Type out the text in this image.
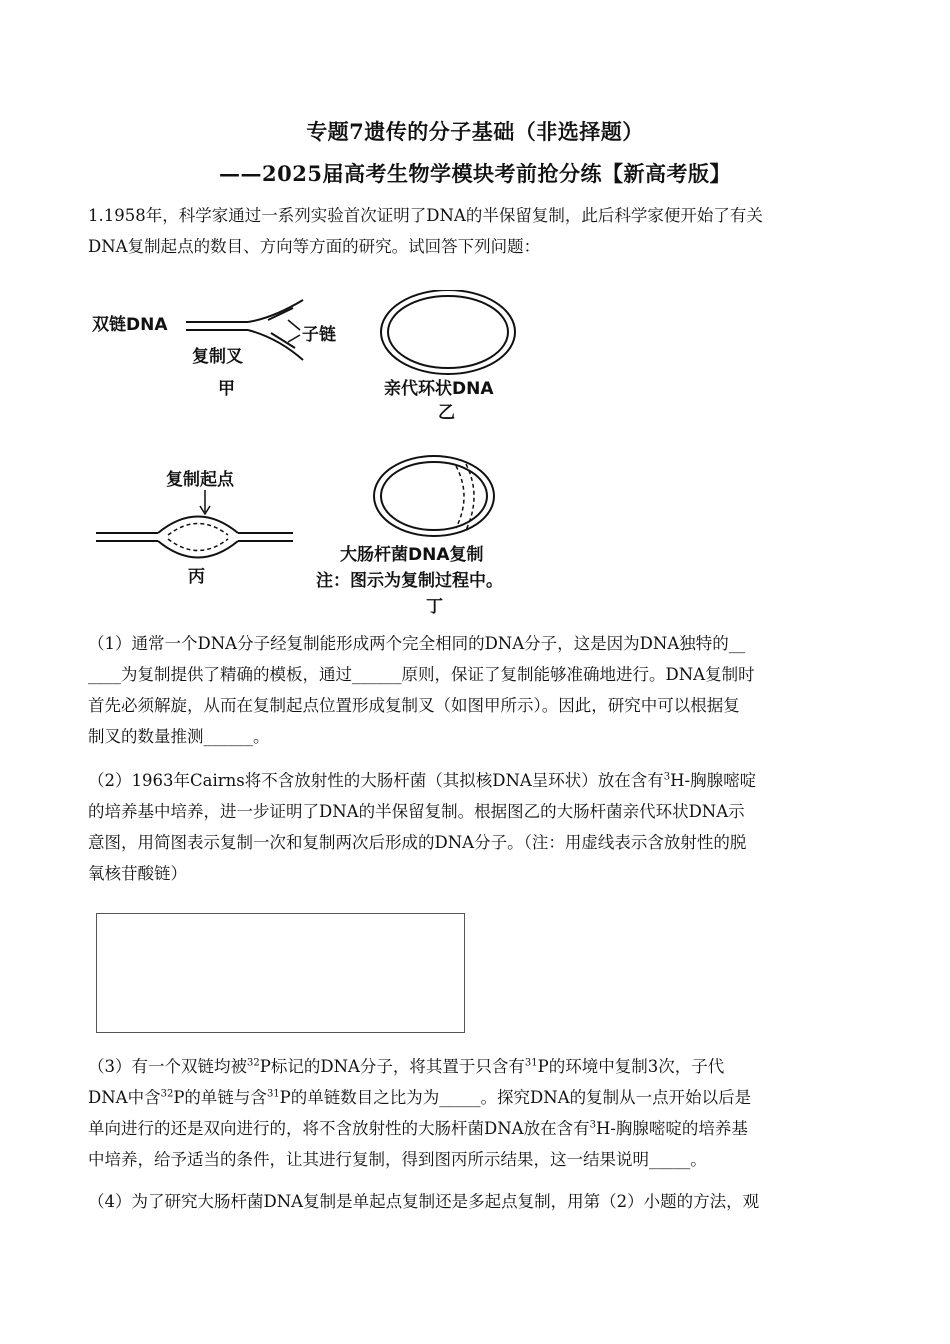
专题7遗传的分子基础（非选择题）
——2025届高考生物学模块考前抢分练【新高考版】
1.1958年，科学家通过一系列实验首次证明了DNA的半保留复制，此后科学家便开始了有关
DNA复制起点的数目、方向等方面的研究。试回答下列问题：
双链DNA	子链
复制叉
甲	亲代环状DNA
乙
复制起点
丙
大肠杆菌DNA复制
注：图示为复制过程中。
丁
（1）通常一个DNA分子经复制能形成两个完全相同的DNA分子，这是因为DNA独特的__
____为复制提供了精确的模板，通过______原则，保证了复制能够准确地进行。DNA复制时
首先必须解旋，从而在复制起点位置形成复制叉（如图甲所示）。因此，研究中可以根据复
制叉的数量推测______。
（2）1963年Cairns将不含放射性的大肠杆菌（其拟核DNA呈环状）放在含有$^3$H-胸腺嘧啶
的培养基中培养，进一步证明了DNA的半保留复制。根据图乙的大肠杆菌亲代环状DNA示
意图，用简图表示复制一次和复制两次后形成的DNA分子。（注：用虚线表示含放射性的脱
氧核苷酸链）
（3）有一个双链均被$^{32}$P标记的DNA分子，将其置于只含有$^{31}$P的环境中复制3次，子代
DNA中含$^{32}$P的单链与含$^{31}$P的单链数目之比为为_____。探究DNA的复制从一点开始以后是
单向进行的还是双向进行的，将不含放射性的大肠杆菌DNA放在含有$^3$H-胸腺嘧啶的培养基
中培养，给予适当的条件，让其进行复制，得到图丙所示结果，这一结果说明_____。
（4）为了研究大肠杆菌DNA复制是单起点复制还是多起点复制，用第（2）小题的方法，观
